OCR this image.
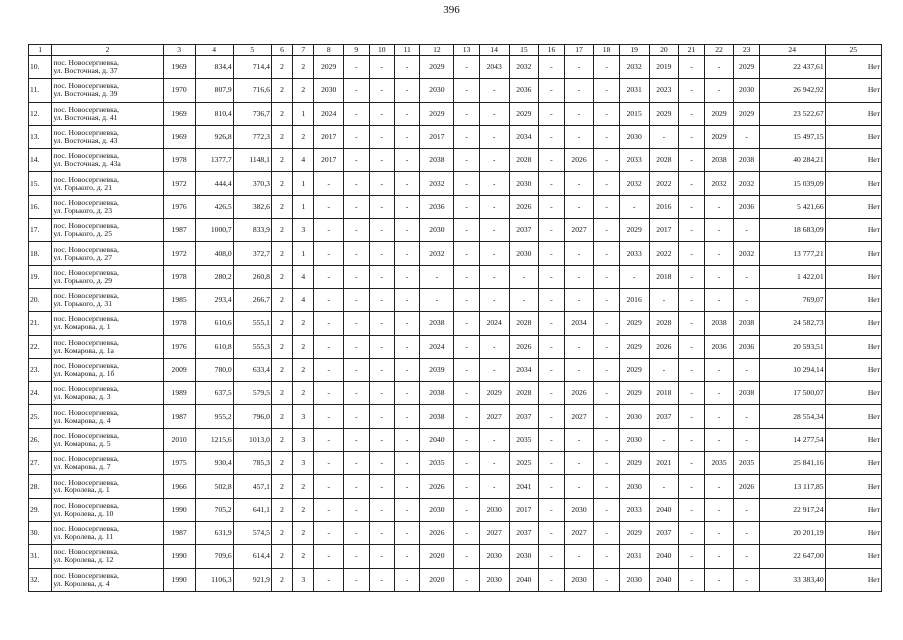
396
1	2	3	4	5	6	7	8	9	10	11	12	13	14	15	16	17	18	19	20	21	22	23	24	25
10.	пос. Новосергиевка,
ул. Восточная, д. 37	1969	834,4	714,4	2	2	2029	-	-	-	2029	-	2043	2032	-	-	-	2032	2019	-	-	2029	22 437,61	Нет
11.	пос. Новосергиевка,
ул. Восточная, д. 39	1970	807,9	716,6	2	2	2030	-	-	-	2030	-	-	2036	-	-	-	2031	2023	-	-	2030	26 942,92	Нет
12.	пос. Новосергиевка,
ул. Восточная, д. 41	1969	810,4	736,7	2	1	2024	-	-	-	2029	-	-	2029	-	-	-	2015	2029	-	2029	2029	23 522,67	Нет
13.	пос. Новосергиевка,
ул. Восточная, д. 43	1969	926,8	772,3	2	2	2017	-	-	-	2017	-	-	2034	-	-	-	2030	-	-	2029	-	15 497,15	Нет
14.	пос. Новосергиевка,
ул. Восточная, д. 43а	1978	1377,7	1148,1	2	4	2017	-	-	-	2038	-	-	2028	-	2026	-	2033	2028	-	2038	2038	40 284,21	Нет
15.	пос. Новосергиевка,
ул. Горького, д. 21	1972	444,4	370,3	2	1	-	-	-	-	2032	-	-	2030	-	-	-	2032	2022	-	2032	2032	15 039,09	Нет
16.	пос. Новосергиевка,
ул. Горького, д. 23	1976	426,5	382,6	2	1	-	-	-	-	2036	-	-	2026	-	-	-	-	2016	-	-	2036	5 421,66	Нет
17.	пос. Новосергиевка,
ул. Горького, д. 25	1987	1000,7	833,9	2	3	-	-	-	-	2030	-	-	2037	-	2027	-	2029	2017	-	-	-	18 683,09	Нет
18.	пос. Новосергиевка,
ул. Горького, д. 27	1972	408,0	372,7	2	1	-	-	-	-	2032	-	-	2030	-	-	-	2033	2022	-	-	2032	13 777,21	Нет
19.	пос. Новосергиевка,
ул. Горького, д. 29	1978	280,2	260,8	2	4	-	-	-	-	-	-	-	-	-	-	-	-	2018	-	-	-	1 422,01	Нет
20.	пос. Новосергиевка,
ул. Горького, д. 31	1985	293,4	266,7	2	4	-	-	-	-	-	-	-	-	-	-	-	2016	-	-	-	-	769,07	Нет
21.	пос. Новосергиевка,
ул. Комарова, д. 1	1978	610,6	555,1	2	2	-	-	-	-	2038	-	2024	2028	-	2034	-	2029	2028	-	2038	2038	24 582,73	Нет
22.	пос. Новосергиевка,
ул. Комарова, д. 1а	1976	610,8	555,3	2	2	-	-	-	-	2024	-	-	2026	-	-	-	2029	2026	-	2036	2036	20 593,51	Нет
23.	пос. Новосергиевка,
ул. Комарова, д. 1б	2009	780,0	633,4	2	2	-	-	-	-	2039	-	-	2034	-	-	-	2029	-	-	-	-	10 294,14	Нет
24.	пос. Новосергиевка,
ул. Комарова, д. 3	1989	637,5	579,5	2	2	-	-	-	-	2038	-	2029	2028	-	2026	-	2029	2018	-	-	2038	17 500,07	Нет
25.	пос. Новосергиевка,
ул. Комарова, д. 4	1987	955,2	796,0	2	3	-	-	-	-	2038	-	2027	2037	-	2027	-	2030	2037	-	-	-	28 554,34	Нет
26.	пос. Новосергиевка,
ул. Комарова, д. 5	2010	1215,6	1013,0	2	3	-	-	-	-	2040	-	-	2035	-	-	-	2030	-	-	-	-	14 277,54	Нет
27.	пос. Новосергиевка,
ул. Комарова, д. 7	1975	930,4	785,3	2	3	-	-	-	-	2035	-	-	2025	-	-	-	2029	2021	-	2035	2035	25 841,16	Нет
28.	пос. Новосергиевка,
ул. Королева, д. 1	1966	502,8	457,1	2	2	-	-	-	-	2026	-	-	2041	-	-	-	2030	-	-	-	2026	13 117,85	Нет
29.	пос. Новосергиевка,
ул. Королева, д. 10	1990	705,2	641,1	2	2	-	-	-	-	2030	-	2030	2017	-	2030	-	2033	2040	-	-	-	22 917,24	Нет
30.	пос. Новосергиевка,
ул. Королева, д. 11	1987	631,9	574,5	2	2	-	-	-	-	2026	-	2027	2037	-	2027	-	2029	2037	-	-	-	20 201,19	Нет
31.	пос. Новосергиевка,
ул. Королева, д. 12	1990	709,6	614,4	2	2	-	-	-	-	2020	-	2030	2030	-	-	-	2031	2040	-	-	-	22 647,00	Нет
32.	пос. Новосергиевка,
ул. Королева, д. 4	1990	1106,3	921,9	2	3	-	-	-	-	2020	-	2030	2040	-	2030	-	2030	2040	-	-	-	33 383,40	Нет
